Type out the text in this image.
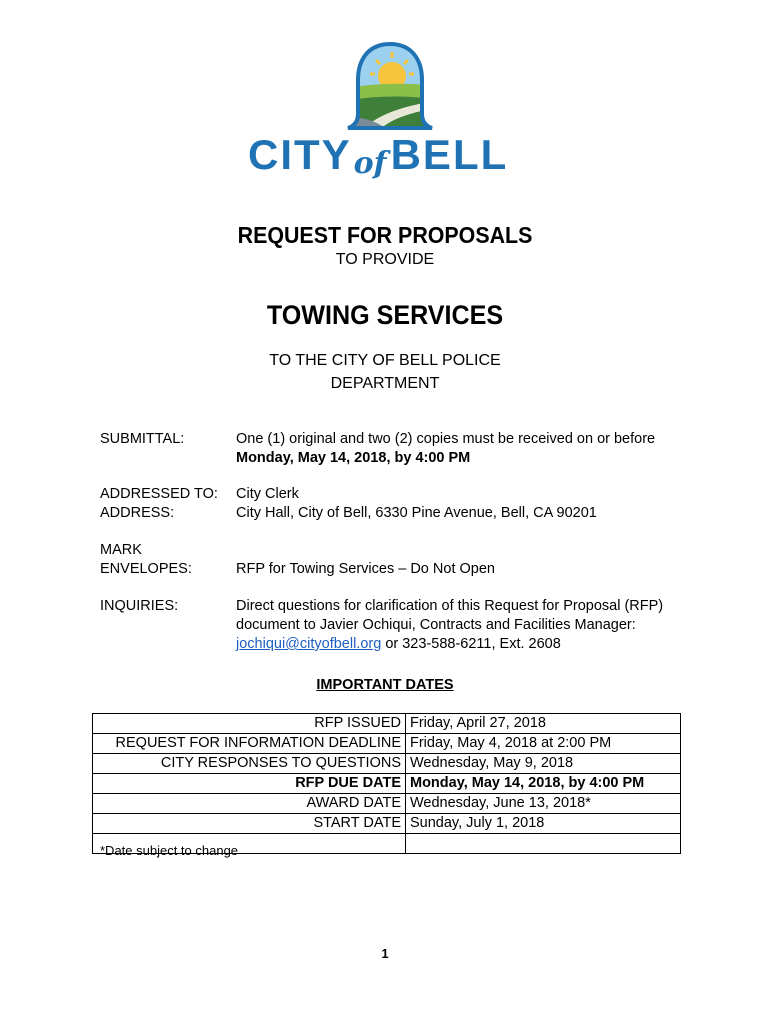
CITYofBELL
REQUEST FOR PROPOSALS
TO PROVIDE
TOWING SERVICES
TO THE CITY OF BELL POLICE
DEPARTMENT
SUBMITTAL:	One (1) original and two (2) copies must be received on or before
Monday, May 14, 2018, by 4:00 PM
ADDRESSED TO: City Clerk
ADDRESS:	City Hall, City of Bell, 6330 Pine Avenue, Bell, CA 90201
MARK
ENVELOPES:	RFP for Towing Services – Do Not Open
INQUIRIES:	Direct questions for clarification of this Request for Proposal (RFP)
document to Javier Ochiqui, Contracts and Facilities Manager:
jochiqui@cityofbell.org or 323-588-6211, Ext. 2608
IMPORTANT DATES
RFP ISSUED	Friday, April 27, 2018
REQUEST FOR INFORMATION DEADLINE	Friday, May 4, 2018 at 2:00 PM
CITY RESPONSES TO QUESTIONS	Wednesday, May 9, 2018
RFP DUE DATE	Monday, May 14, 2018, by 4:00 PM
AWARD DATE	Wednesday, June 13, 2018*
START DATE	Sunday, July 1, 2018

*Date subject to change
1
